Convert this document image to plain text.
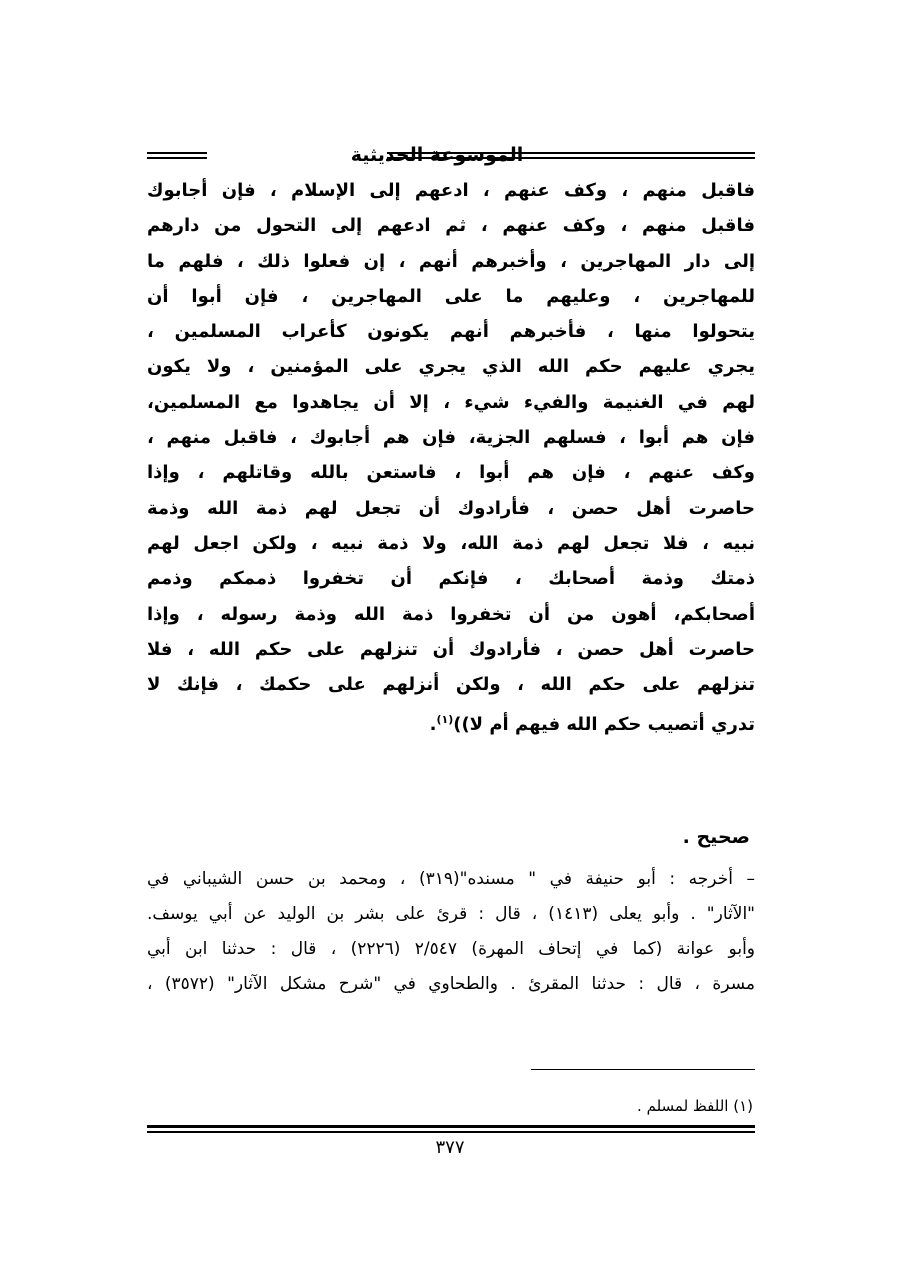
الموسوعة الحديثية
فاقبل منهم ، وكف عنهم ، ادعهم إلى الإسلام ، فإن أجابوك
فاقبل منهم ، وكف عنهم ، ثم ادعهم إلى التحول من دارهم
إلى دار المهاجرين ، وأخبرهم أنهم ، إن فعلوا ذلك ، فلهم ما
للمهاجرين ، وعليهم ما على المهاجرين ، فإن أبوا أن
يتحولوا منها ، فأخبرهم أنهم يكونون كأعراب المسلمين ،
يجري عليهم حكم الله الذي يجري على المؤمنين ، ولا يكون
لهم في الغنيمة والفيء شيء ، إلا أن يجاهدوا مع المسلمين،
فإن هم أبوا ، فسلهم الجزية، فإن هم أجابوك ، فاقبل منهم ،
وكف عنهم ، فإن هم أبوا ، فاستعن بالله وقاتلهم ، وإذا
حاصرت أهل حصن ، فأرادوك أن تجعل لهم ذمة الله وذمة
نبيه ، فلا تجعل لهم ذمة الله، ولا ذمة نبيه ، ولكن اجعل لهم
ذمتك وذمة أصحابك ، فإنكم أن تخفروا ذممكم وذمم
أصحابكم، أهون من أن تخفروا ذمة الله وذمة رسوله ، وإذا
حاصرت أهل حصن ، فأرادوك أن تنزلهم على حكم الله ، فلا
تنزلهم على حكم الله ، ولكن أنزلهم على حكمك ، فإنك لا
تدري أتصيب حكم الله فيهم أم لا))$^{(١)}$.
صحيح .
– أخرجه : أبو حنيفة في " مسنده"(٣١٩) ، ومحمد بن حسن الشيباني في
"الآثار" . وأبو يعلى (١٤١٣) ، قال : قرئ على بشر بن الوليد عن أبي يوسف.
وأبو عوانة (كما في إتحاف المهرة) ٢/٥٤٧ (٢٢٢٦) ، قال : حدثنا ابن أبي
مسرة ، قال : حدثنا المقرئ . والطحاوي في "شرح مشكل الآثار" (٣٥٧٢) ،
(١) اللفظ لمسلم .
٣٧٧
